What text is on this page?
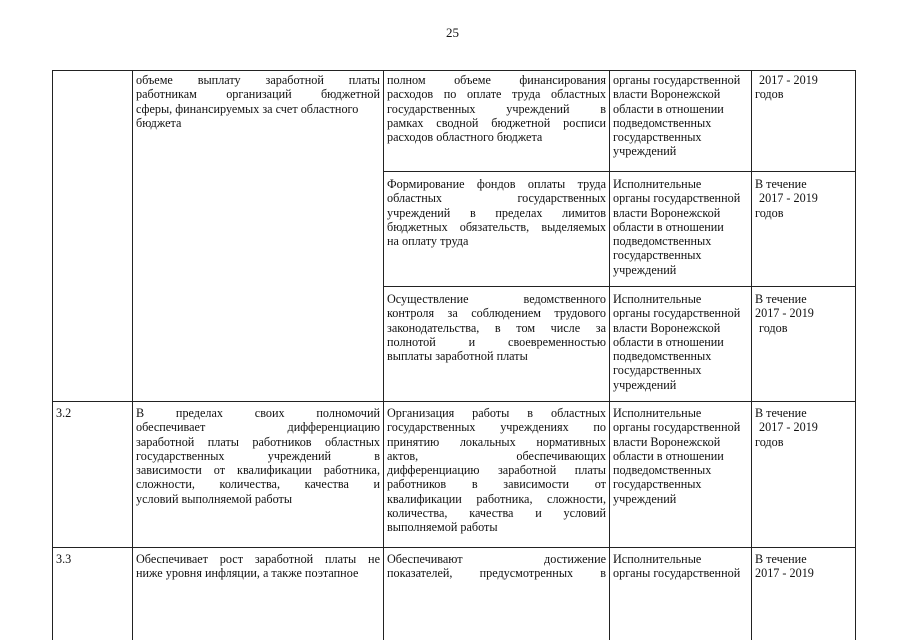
25
объеме выплату заработной платы
работникам организаций бюджетной
сферы, финансируемых за счет областного
бюджета
полном объеме финансирования
расходов по оплате труда областных
государственных учреждений в
рамках сводной бюджетной росписи
расходов областного бюджета
органы государственной
власти Воронежской
области в отношении
подведомственных
государственных
учреждений
2017 - 2019
годов
Формирование фондов оплаты труда
областных государственных
учреждений в пределах лимитов
бюджетных обязательств, выделяемых
на оплату труда
Исполнительные
органы государственной
власти Воронежской
области в отношении
подведомственных
государственных
учреждений
В течение
2017 - 2019
годов
Осуществление ведомственного
контроля за соблюдением трудового
законодательства, в том числе за
полнотой и своевременностью
выплаты заработной платы
Исполнительные
органы государственной
власти Воронежской
области в отношении
подведомственных
государственных
учреждений
В течение
2017 - 2019
годов
3.2	В пределах своих полномочий
обеспечивает дифференциацию
заработной платы работников областных
государственных учреждений в
зависимости от квалификации работника,
сложности, количества, качества и
условий выполняемой работы
Организация работы в областных
государственных учреждениях по
принятию локальных нормативных
актов, обеспечивающих
дифференциацию заработной платы
работников в зависимости от
квалификации работника, сложности,
количества, качества и условий
выполняемой работы
Исполнительные
органы государственной
власти Воронежской
области в отношении
подведомственных
государственных
учреждений
В течение
2017 - 2019
годов
3.3	Обеспечивает рост заработной платы не
ниже уровня инфляции, а также поэтапное
Обеспечивают достижение
показателей, предусмотренных в
Исполнительные
органы государственной
В течение
2017 - 2019
